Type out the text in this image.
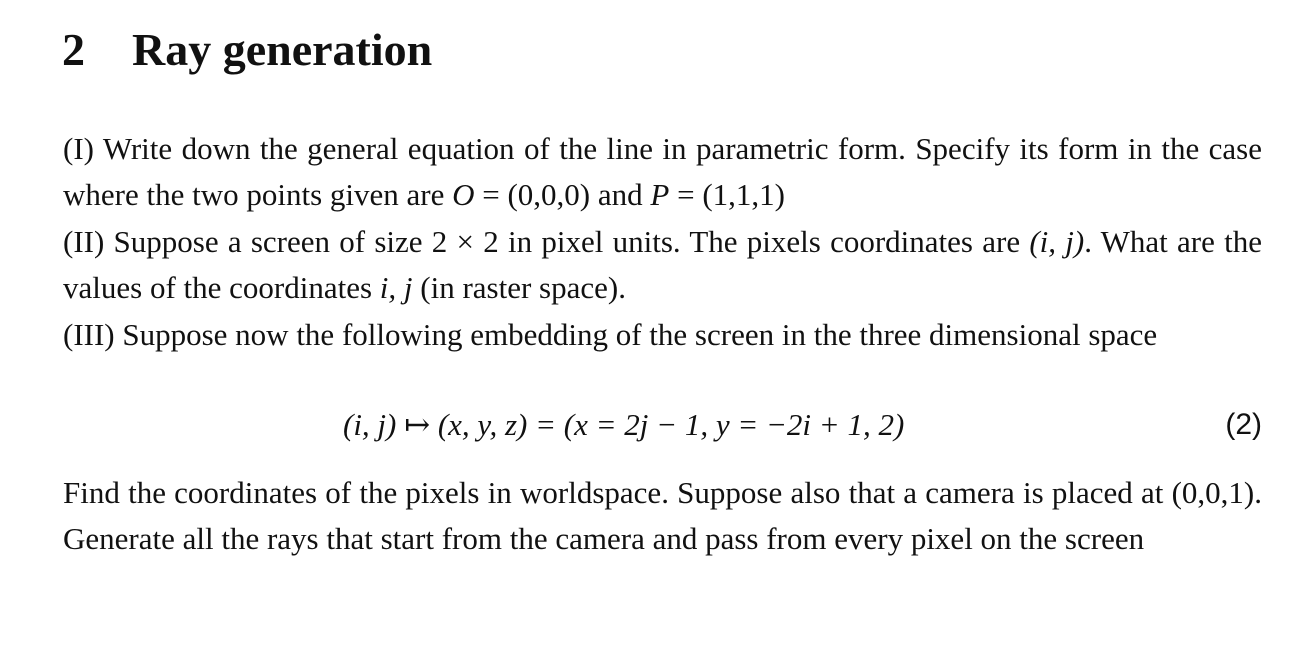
2 Ray generation

(I) Write down the general equation of the line in parametric form. Specify its form in the case where the two points given are O = (0,0,0) and P = (1,1,1)

(II) Suppose a screen of size 2 × 2 in pixel units. The pixels coordinates are (i, j). What are the values of the coordinates i, j (in raster space).

(III) Suppose now the following embedding of the screen in the three dimensional space

(i, j) ↦ (x, y, z) = (x = 2j − 1, y = −2i + 1, 2)	(2)

Find the coordinates of the pixels in worldspace. Suppose also that a camera is placed at (0,0,1). Generate all the rays that start from the camera and pass from every pixel on the screen
